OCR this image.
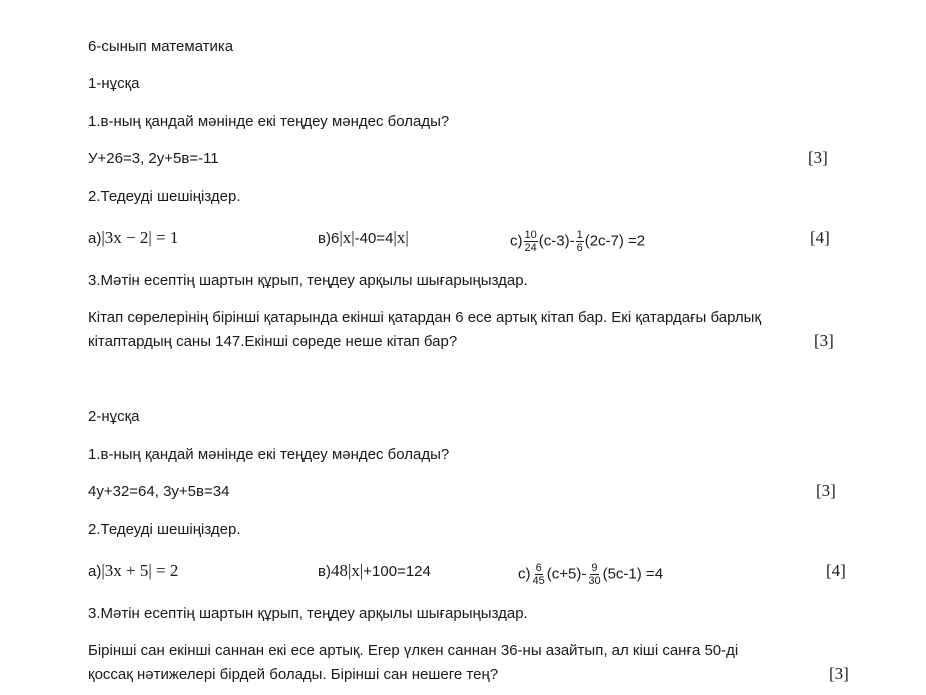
6-сынып математика
1-нұсқа
1.в-ның қандай мәнінде екі теңдеу мәндес болады?
У+26=3, 2у+5в=-11	[3]
2.Тедеуді шешіңіздер.
а)|3x − 2| = 1	в)6|x|-40=4|x|	$с) \frac{10}{24} (с-3)- \frac{1}{6} (2с-7) =2$	[4]
3.Мәтін есептің шартын құрып, теңдеу арқылы шығарыңыздар.
Кітап сөрелерінің бірінші қатарында екінші қатардан 6 есе артық кітап бар. Екі қатардағы барлық
кітаптардың саны 147.Екінші сөреде неше кітап бар?	[3]
2-нұсқа
1.в-ның қандай мәнінде екі теңдеу мәндес болады?
4у+32=64, 3у+5в=34	[3]
2.Тедеуді шешіңіздер.
а)|3x + 5| = 2	в)48|x|+100=124	$с) \frac{6}{45} (с+5)- \frac{9}{30} (5с-1) =4$	[4]
3.Мәтін есептің шартын құрып, теңдеу арқылы шығарыңыздар.
Бірінші сан екінші саннан екі есе артық. Егер үлкен саннан 36-ны азайтып, ал кіші санға 50-ді
қоссақ нәтижелері бірдей болады. Бірінші сан нешеге тең?	[3]
